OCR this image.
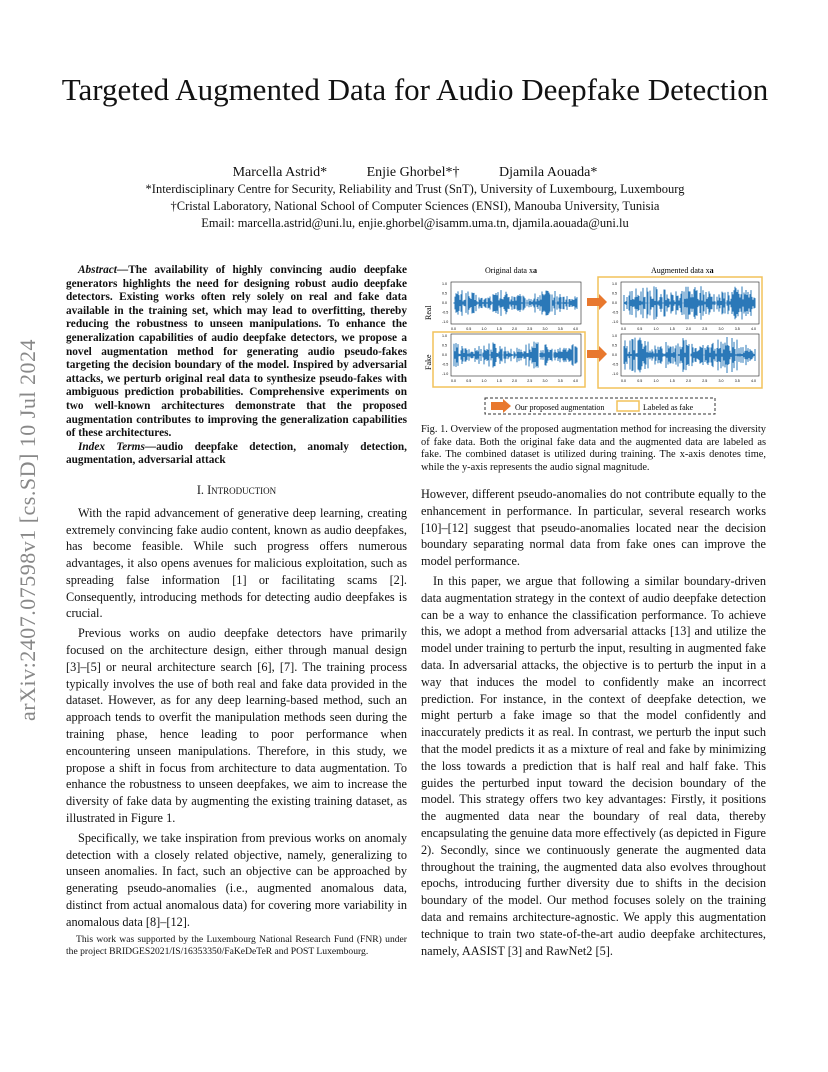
arXiv:2407.07598v1 [cs.SD] 10 Jul 2024
Targeted Augmented Data for Audio Deepfake Detection
Marcella Astrid*	Enjie Ghorbel*†	Djamila Aouada*
*Interdisciplinary Centre for Security, Reliability and Trust (SnT), University of Luxembourg, Luxembourg
†Cristal Laboratory, National School of Computer Sciences (ENSI), Manouba University, Tunisia
Email: marcella.astrid@uni.lu, enjie.ghorbel@isamm.uma.tn, djamila.aouada@uni.lu

Abstract—The availability of highly convincing audio deepfake generators highlights the need for designing robust audio deepfake detectors. Existing works often rely solely on real and fake data available in the training set, which may lead to overfitting, thereby reducing the robustness to unseen manipulations. To enhance the generalization capabilities of audio deepfake detectors, we propose a novel augmentation method for generating audio pseudo-fakes targeting the decision boundary of the model. Inspired by adversarial attacks, we perturb original real data to synthesize pseudo-fakes with ambiguous prediction probabilities. Comprehensive experiments on two well-known architectures demonstrate that the proposed augmentation contributes to improving the generalization capabilities of these architectures.

Index Terms—audio deepfake detection, anomaly detection, augmentation, adversarial attack

I. Introduction

With the rapid advancement of generative deep learning, creating extremely convincing fake audio content, known as audio deepfakes, has become feasible. While such progress offers numerous advantages, it also opens avenues for malicious exploitation, such as spreading false information [1] or facilitating scams [2]. Consequently, introducing methods for detecting audio deepfakes is crucial.

Previous works on audio deepfake detectors have primarily focused on the architecture design, either through manual design [3]–[5] or neural architecture search [6], [7]. The training process typically involves the use of both real and fake data provided in the dataset. However, as for any deep learning-based method, such an approach tends to overfit the manipulation methods seen during the training phase, hence leading to poor performance when encountering unseen manipulations. Therefore, in this study, we propose a shift in focus from architecture to data augmentation. To enhance the robustness to unseen deepfakes, we aim to increase the diversity of fake data by augmenting the existing training dataset, as illustrated in Figure 1.

Specifically, we take inspiration from previous works on anomaly detection with a closely related objective, namely, generalizing to unseen anomalies. In fact, such an objective can be approached by generating pseudo-anomalies (i.e., augmented anomalous data, distinct from actual anomalous data) for covering more variability in anomalous data [8]–[12].

This work was supported by the Luxembourg National Research Fund (FNR) under the project BRIDGES2021/IS/16353350/FaKeDeTeR and POST Luxembourg.

Original data xa	Augmented data xa
Real
Fake
0.0	0.5	1.0	1.5	2.0	2.5	3.0	3.5	4.0
1.0
0.5
0.0
-0.5
-1.0
0.0	0.5	1.0	1.5	2.0	2.5	3.0	3.5	4.0
1.0
0.5
0.0
-0.5
-1.0
0.0	0.5	1.0	1.5	2.0	2.5	3.0	3.5	4.0
1.0
0.5
0.0
-0.5
-1.0
0.0	0.5	1.0	1.5	2.0	2.5	3.0	3.5	4.0
1.0
0.5
0.0
-0.5
-1.0
Our proposed augmentation	Labeled as fake

Fig. 1. Overview of the proposed augmentation method for increasing the diversity of fake data. Both the original fake data and the augmented data are labeled as fake. The combined dataset is utilized during training. The x-axis denotes time, while the y-axis represents the audio signal magnitude.

However, different pseudo-anomalies do not contribute equally to the enhancement in performance. In particular, several research works [10]–[12] suggest that pseudo-anomalies located near the decision boundary separating normal data from fake ones can improve the model performance.

In this paper, we argue that following a similar boundary-driven data augmentation strategy in the context of audio deepfake detection can be a way to enhance the classification performance. To achieve this, we adopt a method from adversarial attacks [13] and utilize the model under training to perturb the input, resulting in augmented fake data. In adversarial attacks, the objective is to perturb the input in a way that induces the model to confidently make an incorrect prediction. For instance, in the context of deepfake detection, we might perturb a fake image so that the model confidently and inaccurately predicts it as real. In contrast, we perturb the input such that the model predicts it as a mixture of real and fake by minimizing the loss towards a prediction that is half real and half fake. This guides the perturbed input toward the decision boundary of the model. This strategy offers two key advantages: Firstly, it positions the augmented data near the boundary of real data, thereby encapsulating the genuine data more effectively (as depicted in Figure 2). Secondly, since we continuously generate the augmented data throughout the training, the augmented data also evolves throughout epochs, introducing further diversity due to shifts in the decision boundary of the model. Our method focuses solely on the training data and remains architecture-agnostic. We apply this augmentation technique to train two state-of-the-art audio deepfake architectures, namely, AASIST [3] and RawNet2 [5].
